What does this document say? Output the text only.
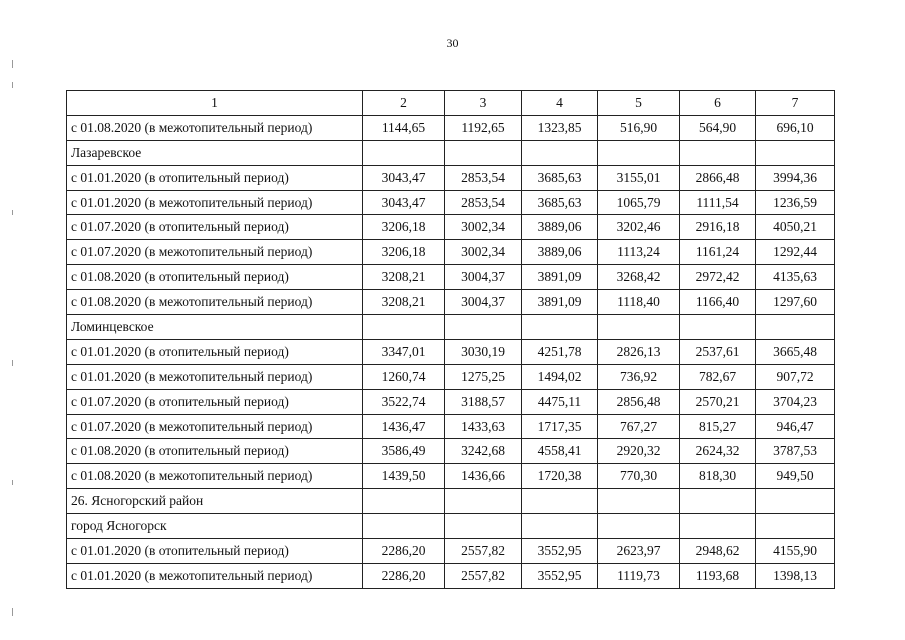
30
1	2	3	4	5	6	7
с 01.08.2020 (в межотопительный период)	1144,65	1192,65	1323,85	516,90	564,90	696,10
Лазаревское						
с 01.01.2020 (в отопительный период)	3043,47	2853,54	3685,63	3155,01	2866,48	3994,36
с 01.01.2020 (в межотопительный период)	3043,47	2853,54	3685,63	1065,79	1111,54	1236,59
с 01.07.2020 (в отопительный период)	3206,18	3002,34	3889,06	3202,46	2916,18	4050,21
с 01.07.2020 (в межотопительный период)	3206,18	3002,34	3889,06	1113,24	1161,24	1292,44
с 01.08.2020 (в отопительный период)	3208,21	3004,37	3891,09	3268,42	2972,42	4135,63
с 01.08.2020 (в межотопительный период)	3208,21	3004,37	3891,09	1118,40	1166,40	1297,60
Ломинцевское						
с 01.01.2020 (в отопительный период)	3347,01	3030,19	4251,78	2826,13	2537,61	3665,48
с 01.01.2020 (в межотопительный период)	1260,74	1275,25	1494,02	736,92	782,67	907,72
с 01.07.2020 (в отопительный период)	3522,74	3188,57	4475,11	2856,48	2570,21	3704,23
с 01.07.2020 (в межотопительный период)	1436,47	1433,63	1717,35	767,27	815,27	946,47
с 01.08.2020 (в отопительный период)	3586,49	3242,68	4558,41	2920,32	2624,32	3787,53
с 01.08.2020 (в межотопительный период)	1439,50	1436,66	1720,38	770,30	818,30	949,50
26. Ясногорский район						
город Ясногорск						
с 01.01.2020 (в отопительный период)	2286,20	2557,82	3552,95	2623,97	2948,62	4155,90
с 01.01.2020 (в межотопительный период)	2286,20	2557,82	3552,95	1119,73	1193,68	1398,13
